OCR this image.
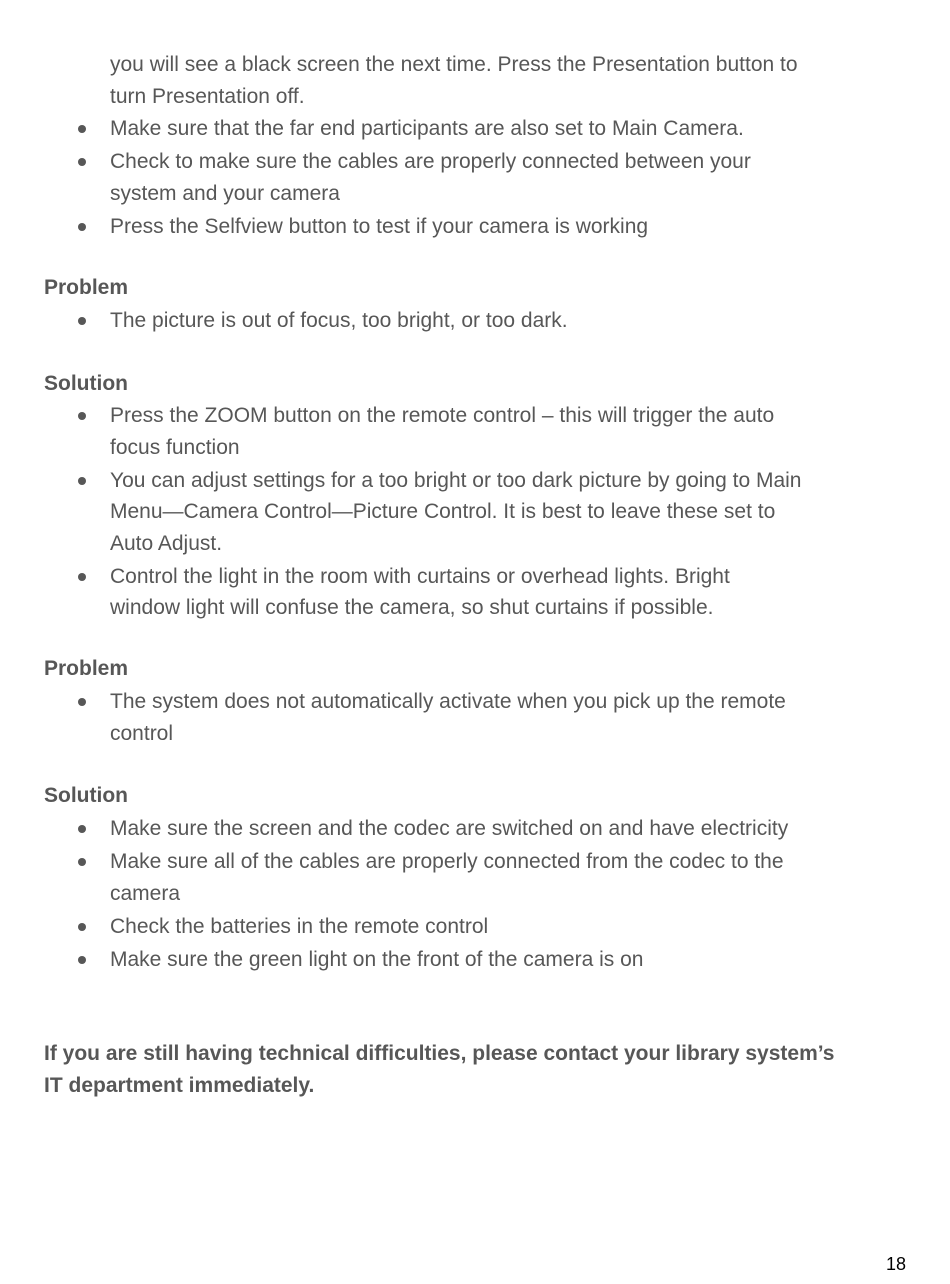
you will see a black screen the next time. Press the Presentation button to
turn Presentation off.
Make sure that the far end participants are also set to Main Camera.
Check to make sure the cables are properly connected between your
system and your camera
Press the Selfview button to test if your camera is working
Problem
The picture is out of focus, too bright, or too dark.
Solution
Press the ZOOM button on the remote control – this will trigger the auto
focus function
You can adjust settings for a too bright or too dark picture by going to Main
Menu—Camera Control—Picture Control. It is best to leave these set to
Auto Adjust.
Control the light in the room with curtains or overhead lights. Bright
window light will confuse the camera, so shut curtains if possible.
Problem
The system does not automatically activate when you pick up the remote
control
Solution
Make sure the screen and the codec are switched on and have electricity
Make sure all of the cables are properly connected from the codec to the
camera
Check the batteries in the remote control
Make sure the green light on the front of the camera is on
If you are still having technical difficulties, please contact your library system’s
IT department immediately.
18
